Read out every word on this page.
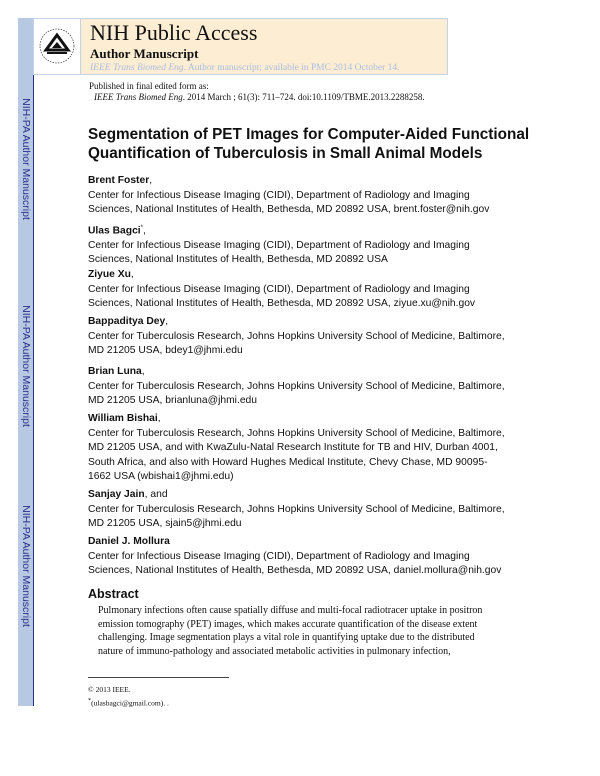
NIH-PA Author Manuscript
NIH-PA Author Manuscript
NIH-PA Author Manuscript
NIH Public Access
Author Manuscript
IEEE Trans Biomed Eng. Author manuscript; available in PMC 2014 October 14.
Published in final edited form as:
IEEE Trans Biomed Eng. 2014 March ; 61(3): 711–724. doi:10.1109/TBME.2013.2288258.
Segmentation of PET Images for Computer-Aided Functional Quantification of Tuberculosis in Small Animal Models
Brent Foster,
Center for Infectious Disease Imaging (CIDI), Department of Radiology and Imaging Sciences, National Institutes of Health, Bethesda, MD 20892 USA, brent.foster@nih.gov
Ulas Bagci*,
Center for Infectious Disease Imaging (CIDI), Department of Radiology and Imaging Sciences, National Institutes of Health, Bethesda, MD 20892 USA
Ziyue Xu,
Center for Infectious Disease Imaging (CIDI), Department of Radiology and Imaging Sciences, National Institutes of Health, Bethesda, MD 20892 USA, ziyue.xu@nih.gov
Bappaditya Dey,
Center for Tuberculosis Research, Johns Hopkins University School of Medicine, Baltimore, MD 21205 USA, bdey1@jhmi.edu
Brian Luna,
Center for Tuberculosis Research, Johns Hopkins University School of Medicine, Baltimore, MD 21205 USA, brianluna@jhmi.edu
William Bishai,
Center for Tuberculosis Research, Johns Hopkins University School of Medicine, Baltimore, MD 21205 USA, and with KwaZulu-Natal Research Institute for TB and HIV, Durban 4001, South Africa, and also with Howard Hughes Medical Institute, Chevy Chase, MD 90095-1662 USA (wbishai1@jhmi.edu)
Sanjay Jain, and
Center for Tuberculosis Research, Johns Hopkins University School of Medicine, Baltimore, MD 21205 USA, sjain5@jhmi.edu
Daniel J. Mollura
Center for Infectious Disease Imaging (CIDI), Department of Radiology and Imaging Sciences, National Institutes of Health, Bethesda, MD 20892 USA, daniel.mollura@nih.gov
Abstract
Pulmonary infections often cause spatially diffuse and multi-focal radiotracer uptake in positron emission tomography (PET) images, which makes accurate quantification of the disease extent challenging. Image segmentation plays a vital role in quantifying uptake due to the distributed nature of immuno-pathology and associated metabolic activities in pulmonary infection,
© 2013 IEEE.
*(ulasbagci@gmail.com). .
